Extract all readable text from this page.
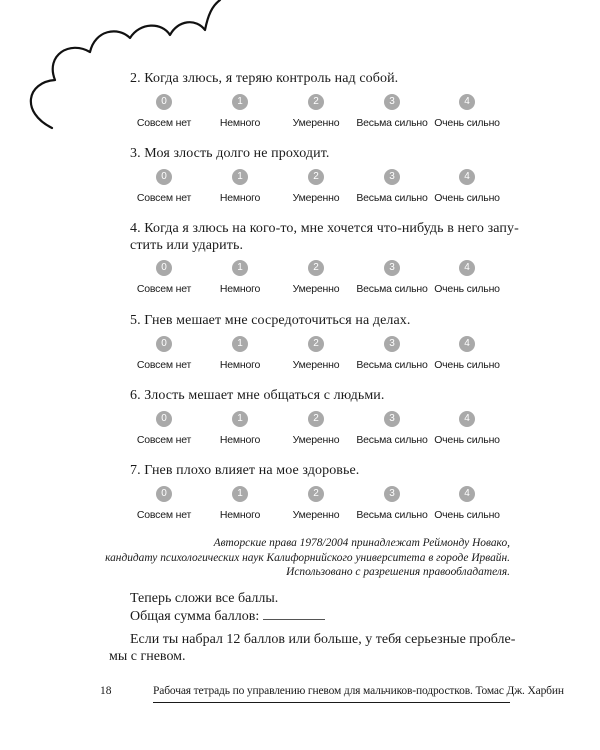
2. Когда злюсь, я теряю контроль над собой.
0
Совсем нет
1
Немного
2
Умеренно
3
Весьма сильно
4
Очень сильно
3. Моя злость долго не проходит.
0
Совсем нет
1
Немного
2
Умеренно
3
Весьма сильно
4
Очень сильно
4. Когда я злюсь на кого-то, мне хочется что-нибудь в него запу-
стить или ударить.
0
Совсем нет
1
Немного
2
Умеренно
3
Весьма сильно
4
Очень сильно
5. Гнев мешает мне сосредоточиться на делах.
0
Совсем нет
1
Немного
2
Умеренно
3
Весьма сильно
4
Очень сильно
6. Злость мешает мне общаться с людьми.
0
Совсем нет
1
Немного
2
Умеренно
3
Весьма сильно
4
Очень сильно
7. Гнев плохо влияет на мое здоровье.
0
Совсем нет
1
Немного
2
Умеренно
3
Весьма сильно
4
Очень сильно
Авторские права 1978/2004 принадлежат Реймонду Новако,
кандидату психологических наук Калифорнийского университета в городе Ирвайн.
Использовано с разрешения правообладателя.
Теперь сложи все баллы.
Общая сумма баллов:
Если ты набрал 12 баллов или больше, у тебя серьезные пробле-
мы с гневом.
18	Рабочая тетрадь по управлению гневом для мальчиков-подростков. Томас Дж. Харбин
